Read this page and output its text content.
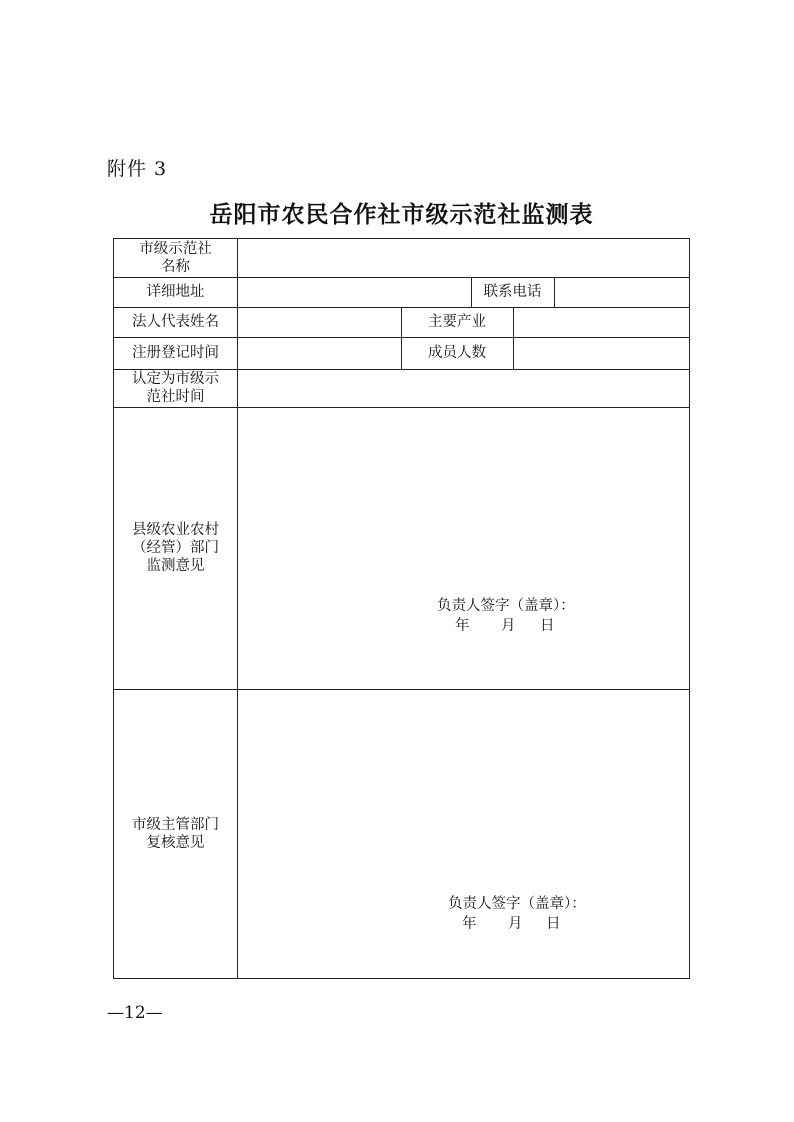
附件 3
岳阳市农民合作社市级示范社监测表
市级示范社
名称
详细地址	联系电话
法人代表姓名	主要产业
注册登记时间	成员人数
认定为市级示
范社时间
县级农业农村
（经管）部门
监测意见
负责人签字（盖章）：
年 月 日
市级主管部门
复核意见
负责人签字（盖章）：
年 月 日
—12—
